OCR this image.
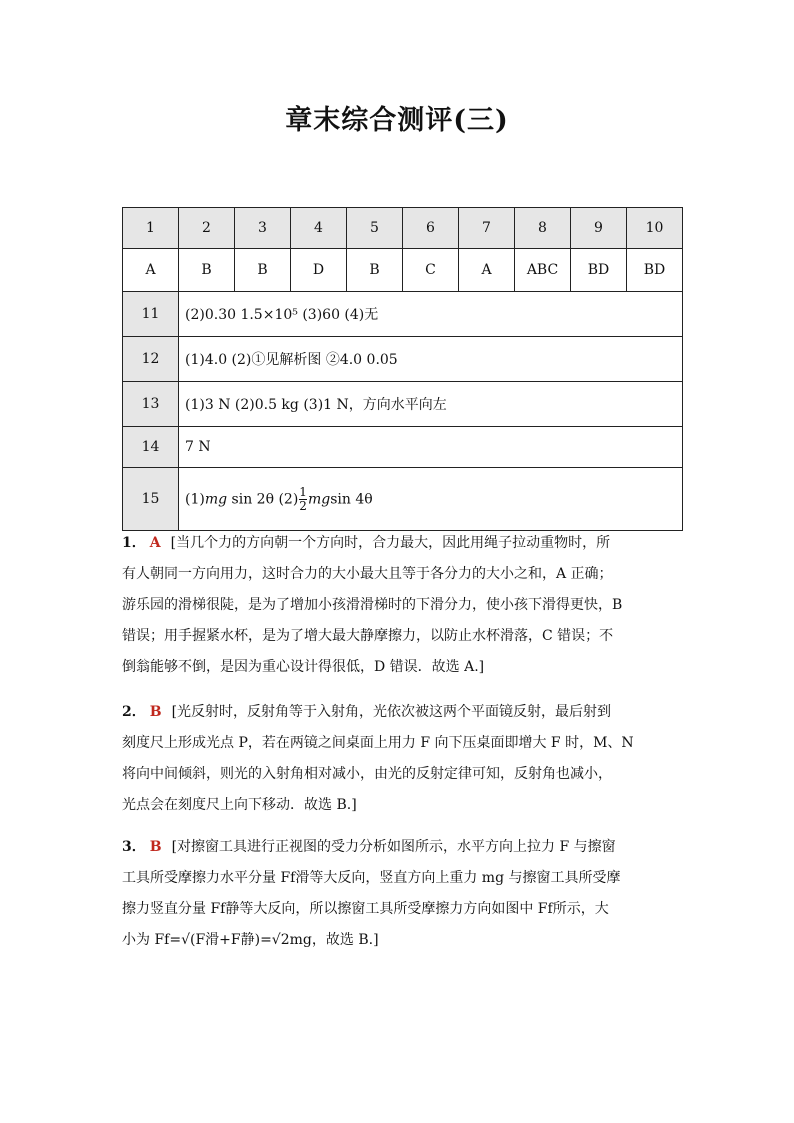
章末综合测评(三)
1	2	3	4	5	6	7	8	9	10
A	B	B	D	B	C	A	ABC	BD	BD
11	(2)0.30 1.5×10⁵ (3)60 (4)无								
12	(1)4.0 (2)①见解析图 ②4.0 0.05								
13	(1)3 N (2)0.5 kg (3)1 N，方向水平向左								
14	7 N								
15	(1)mg sin 2θ $(2) \frac{1}{2}$ mgsin 4θ								
1． A [当几个力的方向朝一个方向时，合力最大，因此用绳子拉动重物时，所
有人朝同一方向用力，这时合力的大小最大且等于各分力的大小之和，A 正确；
游乐园的滑梯很陡，是为了增加小孩滑滑梯时的下滑分力，使小孩下滑得更快，B
错误；用手握紧水杯，是为了增大最大静摩擦力，以防止水杯滑落，C 错误；不
倒翁能够不倒，是因为重心设计得很低，D 错误．故选 A.]
2． B [光反射时，反射角等于入射角，光依次被这两个平面镜反射，最后射到
刻度尺上形成光点 P，若在两镜之间桌面上用力 F 向下压桌面即增大 F 时，M、N
将向中间倾斜，则光的入射角相对减小，由光的反射定律可知，反射角也减小，
光点会在刻度尺上向下移动．故选 B.]
3． B [对擦窗工具进行正视图的受力分析如图所示，水平方向上拉力 F 与擦窗
工具所受摩擦力水平分量 Ff滑等大反向，竖直方向上重力 mg 与擦窗工具所受摩
擦力竖直分量 Ff静等大反向，所以擦窗工具所受摩擦力方向如图中 Ff所示，大
小为 Ff=√(F滑+F静)=√2mg，故选 B.]
